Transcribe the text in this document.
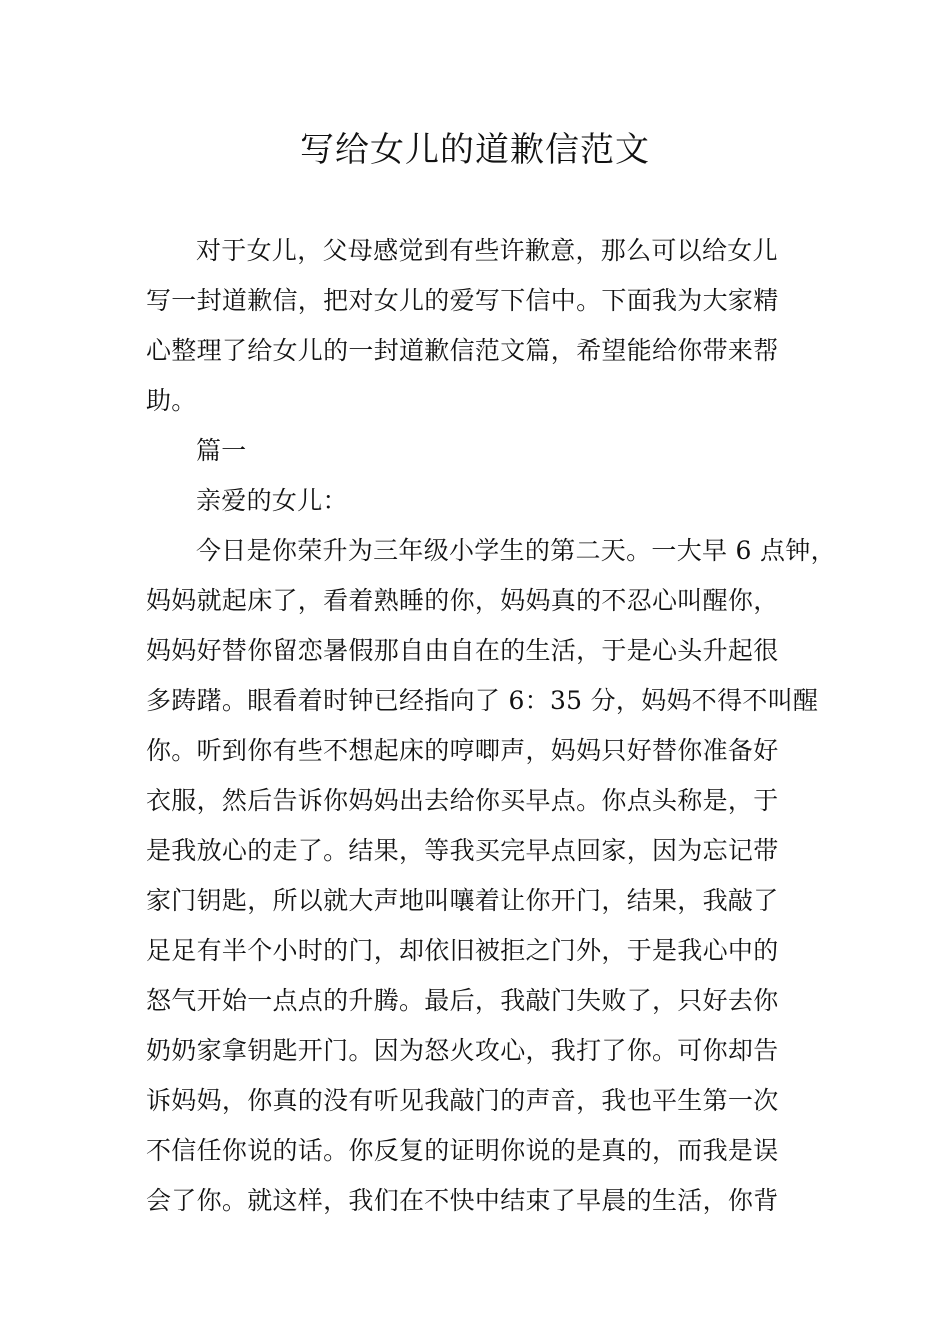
写给女儿的道歉信范文
对于女儿，父母感觉到有些许歉意，那么可以给女儿
写一封道歉信，把对女儿的爱写下信中。下面我为大家精
心整理了给女儿的一封道歉信范文篇，希望能给你带来帮
助。
篇一
亲爱的女儿：
今日是你荣升为三年级小学生的第二天。一大早 6 点钟，
妈妈就起床了，看着熟睡的你，妈妈真的不忍心叫醒你，
妈妈好替你留恋暑假那自由自在的生活，于是心头升起很
多踌躇。眼看着时钟已经指向了 6：35 分，妈妈不得不叫醒
你。听到你有些不想起床的哼唧声，妈妈只好替你准备好
衣服，然后告诉你妈妈出去给你买早点。你点头称是，于
是我放心的走了。结果，等我买完早点回家，因为忘记带
家门钥匙，所以就大声地叫嚷着让你开门，结果，我敲了
足足有半个小时的门，却依旧被拒之门外，于是我心中的
怒气开始一点点的升腾。最后，我敲门失败了，只好去你
奶奶家拿钥匙开门。因为怒火攻心，我打了你。可你却告
诉妈妈，你真的没有听见我敲门的声音，我也平生第一次
不信任你说的话。你反复的证明你说的是真的，而我是误
会了你。就这样，我们在不快中结束了早晨的生活，你背
